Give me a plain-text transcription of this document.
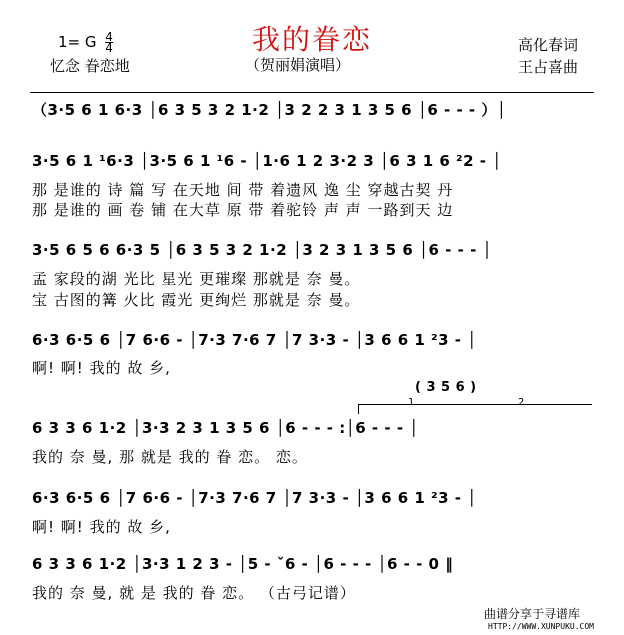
我的眷恋
1= G $\frac{4}{4}$
忆念 眷恋地	（贺丽娟演唱）
高化春词
王占喜曲
（3·5 6 1 6·3 │6 3 5 3 2 1·2 │3 2 2 3 1 3 5 6 │6 - - - ）│
3·5 6 1 ¹6·3 │3·5 6 1 ¹6 - │1·6 1 2 3·2 3 │6 3 1 6 ²2 - │
那 是谁的 诗 篇 写 在天地 间 带 着遗风 逸 尘 穿越古契 丹
那 是谁的 画 卷 铺 在大草 原 带 着驼铃 声 声 一路到天 边
3·5 6 5 6 6·3 5 │6 3 5 3 2 1·2 │3 2 3 1 3 5 6 │6 - - - │
孟 家段的湖 光比 星光 更璀璨 那就是 奈 曼。
宝 古图的篝 火比 霞光 更绚烂 那就是 奈 曼。
6·3 6·5 6 │7 6·6 - │7·3 7·6 7 │7 3·3 - │3 6 6 1 ²3 - │
啊! 啊! 我的 故 乡,
( 3 5 6 )
1	2
6 3 3 6 1·2 │3·3 2 3 1 3 5 6 │6 - - - :│6 - - - │
我的 奈 曼, 那 就是 我的 眷 恋。 恋。
6·3 6·5 6 │7 6·6 - │7·3 7·6 7 │7 3·3 - │3 6 6 1 ²3 - │
啊! 啊! 我的 故 乡,
6 3 3 6 1·2 │3·3 1 2 3 - │5 - ˇ6 - │6 - - - │6 - - 0 ‖
我的 奈 曼, 就 是 我的 眷 恋。 （古弓记谱）
曲谱分享于寻谱库
HTTP://WWW.XUNPUKU.COM
